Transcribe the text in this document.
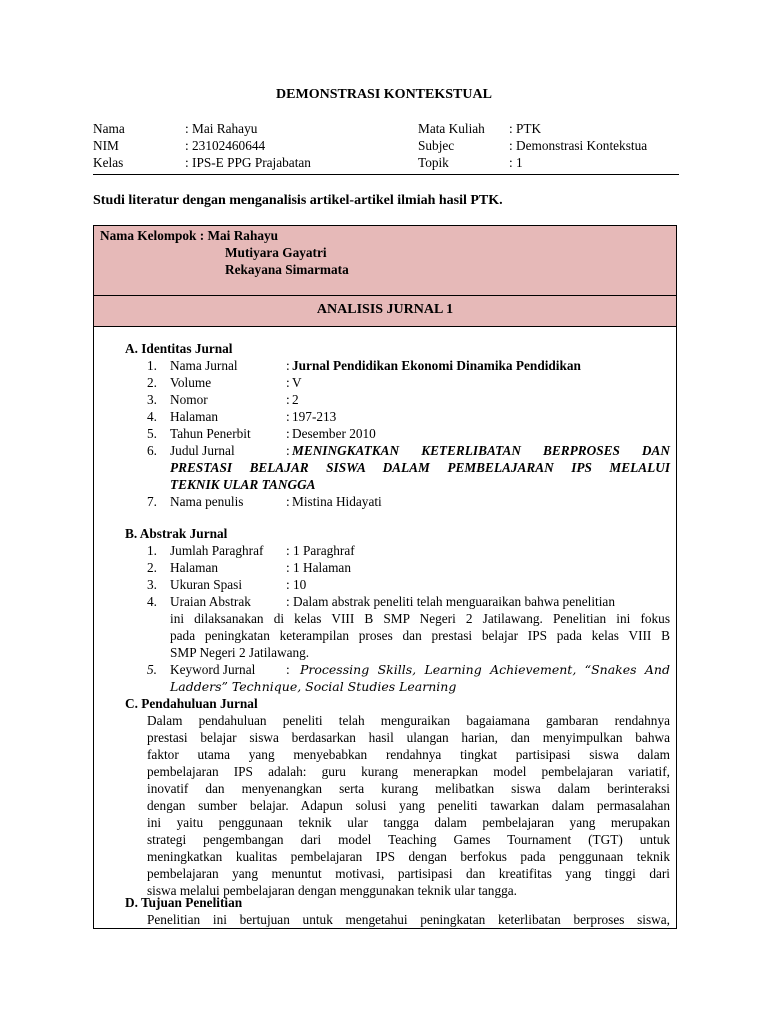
DEMONSTRASI KONTEKSTUAL
Nama	: Mai Rahayu	Mata Kuliah : PTK
NIM	: 23102460644	Subjec	: Demonstrasi Kontekstua
Kelas	: IPS-E PPG Prajabatan	Topik	: 1
Studi literatur dengan menganalisis artikel-artikel ilmiah hasil PTK.
Nama Kelompok : Mai Rahayu
Mutiyara Gayatri
Rekayana Simarmata
ANALISIS JURNAL 1
A. Identitas Jurnal
1. Nama Jurnal	: Jurnal Pendidikan Ekonomi Dinamika Pendidikan
2. Volume	: V
3. Nomor	: 2
4. Halaman	: 197-213
5. Tahun Penerbit	: Desember 2010
6. Judul Jurnal	: MENINGKATKAN KETERLIBATAN BERPROSES DAN
PRESTASI BELAJAR SISWA DALAM PEMBELAJARAN IPS MELALUI
TEKNIK ULAR TANGGA
7. Nama penulis	: Mistina Hidayati
B. Abstrak Jurnal
1. Jumlah Paraghraf : 1 Paraghraf
2. Halaman	: 1 Halaman
3. Ukuran Spasi	: 10
4. Uraian Abstrak	: Dalam abstrak peneliti telah menguaraikan bahwa penelitian
ini dilaksanakan di kelas VIII B SMP Negeri 2 Jatilawang. Penelitian ini fokus
pada peningkatan keterampilan proses dan prestasi belajar IPS pada kelas VIII B
SMP Negeri 2 Jatilawang.
5. Keyword Jurnal : Processing Skills, Learning Achievement, “Snakes And
Ladders” Technique, Social Studies Learning
C. Pendahuluan Jurnal
Dalam pendahuluan peneliti telah menguraikan bagaiamana gambaran rendahnya
prestasi belajar siswa berdasarkan hasil ulangan harian, dan menyimpulkan bahwa
faktor utama yang menyebabkan rendahnya tingkat partisipasi siswa dalam
pembelajaran IPS adalah: guru kurang menerapkan model pembelajaran variatif,
inovatif dan menyenangkan serta kurang melibatkan siswa dalam berinteraksi
dengan sumber belajar. Adapun solusi yang peneliti tawarkan dalam permasalahan
ini yaitu penggunaan teknik ular tangga dalam pembelajaran yang merupakan
strategi pengembangan dari model Teaching Games Tournament (TGT) untuk
meningkatkan kualitas pembelajaran IPS dengan berfokus pada penggunaan teknik
pembelajaran yang menuntut motivasi, partisipasi dan kreatifitas yang tinggi dari
siswa melalui pembelajaran dengan menggunakan teknik ular tangga.
D. Tujuan Penelitian
Penelitian ini bertujuan untuk mengetahui peningkatan keterlibatan berproses siswa,
